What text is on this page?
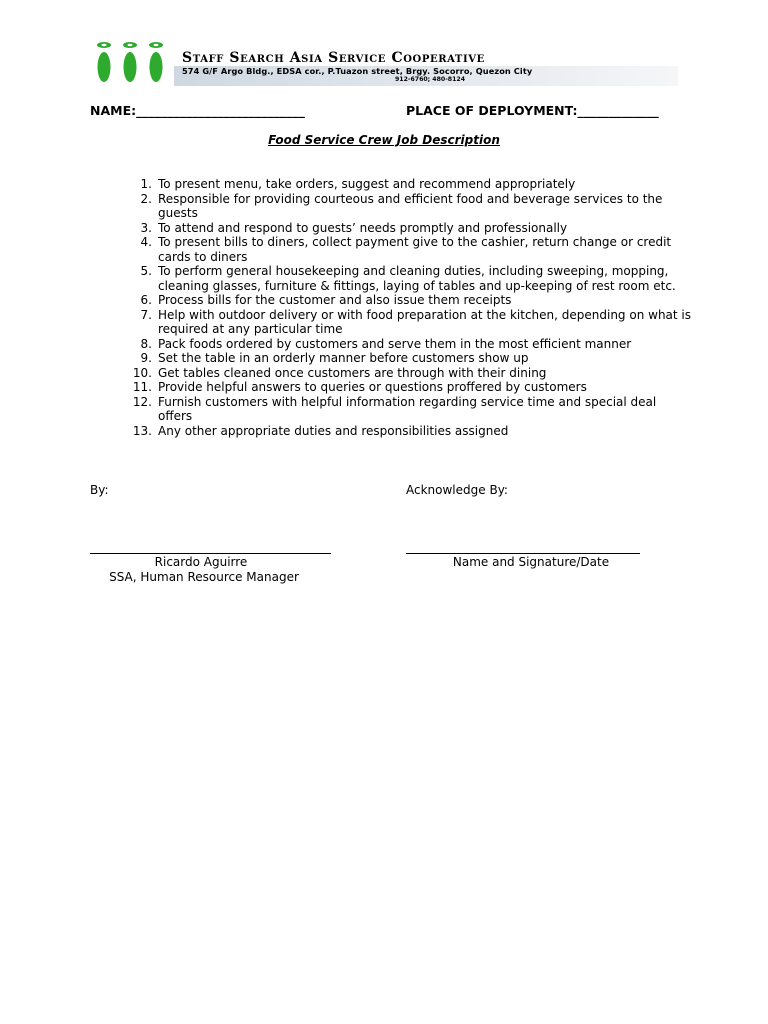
Staff Search Asia Service Cooperative
574 G/F Argo Bldg., EDSA cor., P.Tuazon street, Brgy. Socorro, Quezon City
912-6760; 480-8124
NAME:___________________________	PLACE OF DEPLOYMENT:_____________
Food Service Crew Job Description
1. To present menu, take orders, suggest and recommend appropriately
2. Responsible for providing courteous and efficient food and beverage services to the guests
3. To attend and respond to guests’ needs promptly and professionally
4. To present bills to diners, collect payment give to the cashier, return change or credit cards to diners
5. To perform general housekeeping and cleaning duties, including sweeping, mopping, cleaning glasses, furniture & fittings, laying of tables and up-keeping of rest room etc.
6. Process bills for the customer and also issue them receipts
7. Help with outdoor delivery or with food preparation at the kitchen, depending on what is required at any particular time
8. Pack foods ordered by customers and serve them in the most efficient manner
9. Set the table in an orderly manner before customers show up
10. Get tables cleaned once customers are through with their dining
11. Provide helpful answers to queries or questions proffered by customers
12. Furnish customers with helpful information regarding service time and special deal offers
13. Any other appropriate duties and responsibilities assigned
By:	Acknowledge By:
Ricardo Aguirre
SSA, Human Resource Manager
Name and Signature/Date
